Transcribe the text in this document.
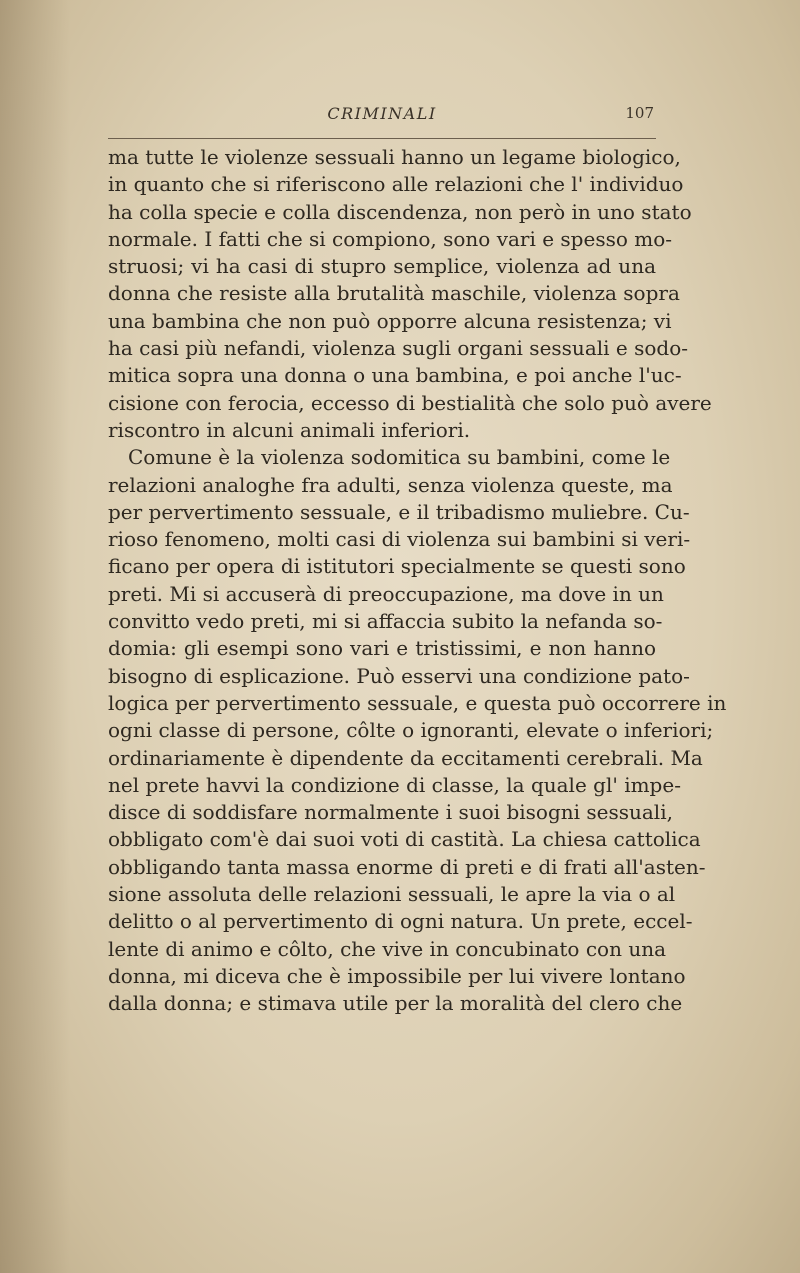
CRIMINALI	107
ma tutte le violenze sessuali hanno un legame biologico,
in quanto che si riferiscono alle relazioni che l' individuo
ha colla specie e colla discendenza, non però in uno stato
normale. I fatti che si compiono, sono vari e spesso mo-
struosi; vi ha casi di stupro semplice, violenza ad una
donna che resiste alla brutalità maschile, violenza sopra
una bambina che non può opporre alcuna resistenza; vi
ha casi più nefandi, violenza sugli organi sessuali e sodo-
mitica sopra una donna o una bambina, e poi anche l'uc-
cisione con ferocia, eccesso di bestialità che solo può avere
riscontro in alcuni animali inferiori.
Comune è la violenza sodomitica su bambini, come le
relazioni analoghe fra adulti, senza violenza queste, ma
per pervertimento sessuale, e il tribadismo muliebre. Cu-
rioso fenomeno, molti casi di violenza sui bambini si veri-
ficano per opera di istitutori specialmente se questi sono
preti. Mi si accuserà di preoccupazione, ma dove in un
convitto vedo preti, mi si affaccia subito la nefanda so-
domia: gli esempi sono vari e tristissimi, e non hanno
bisogno di esplicazione. Può esservi una condizione pato-
logica per pervertimento sessuale, e questa può occorrere in
ogni classe di persone, côlte o ignoranti, elevate o inferiori;
ordinariamente è dipendente da eccitamenti cerebrali. Ma
nel prete havvi la condizione di classe, la quale gl' impe-
disce di soddisfare normalmente i suoi bisogni sessuali,
obbligato com'è dai suoi voti di castità. La chiesa cattolica
obbligando tanta massa enorme di preti e di frati all'asten-
sione assoluta delle relazioni sessuali, le apre la via o al
delitto o al pervertimento di ogni natura. Un prete, eccel-
lente di animo e côlto, che vive in concubinato con una
donna, mi diceva che è impossibile per lui vivere lontano
dalla donna; e stimava utile per la moralità del clero che
